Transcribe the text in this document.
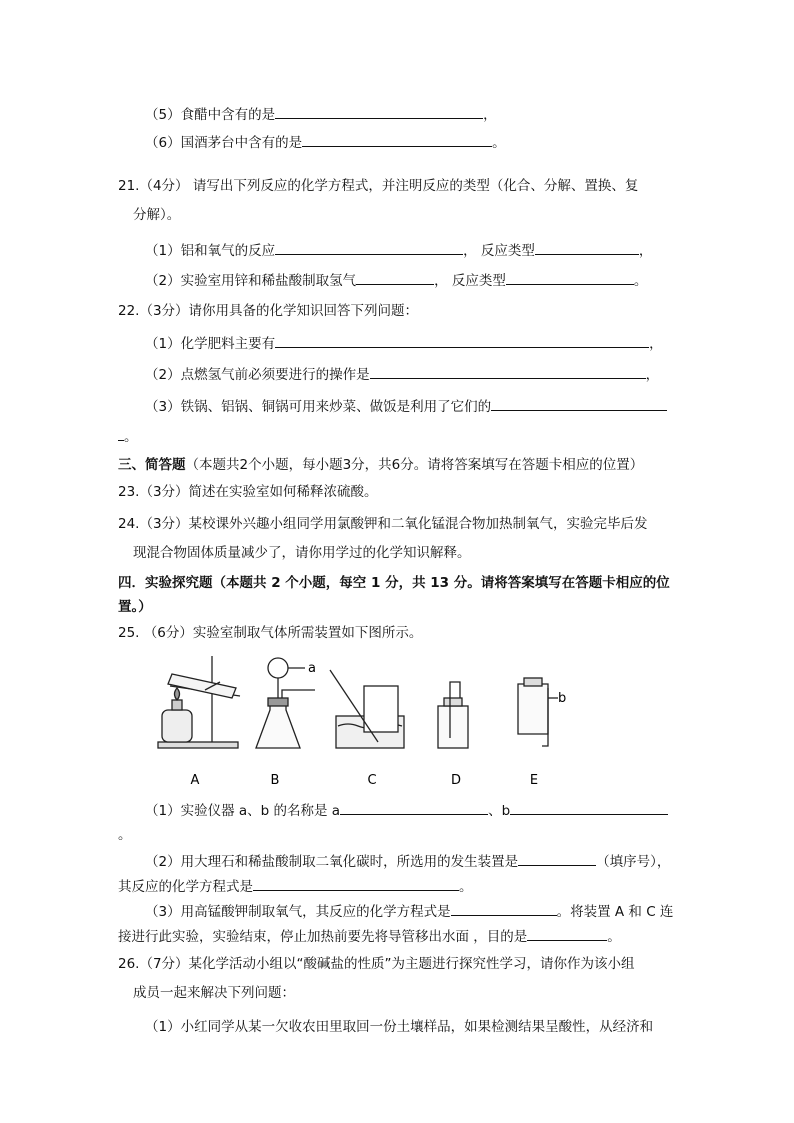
（5）食醋中含有的是	，
（6）国酒茅台中含有的是	。
21.（4分） 请写出下列反应的化学方程式，并注明反应的类型（化合、分解、置换、复
分解）。
（1）铝和氧气的反应	， 反应类型	，
（2）实验室用锌和稀盐酸制取氢气	， 反应类型	。
22.（3分）请你用具备的化学知识回答下列问题：
（1）化学肥料主要有	，
（2）点燃氢气前必须要进行的操作是	，
（3）铁锅、铝锅、铜锅可用来炒菜、做饭是利用了它们的
。
三、简答题（本题共2个小题，每小题3分，共6分。请将答案填写在答题卡相应的位置）
23.（3分）简述在实验室如何稀释浓硫酸。
24.（3分）某校课外兴趣小组同学用氯酸钾和二氧化锰混合物加热制氧气，实验完毕后发
现混合物固体质量减少了，请你用学过的化学知识解释。
四．实验探究题（本题共 2 个小题，每空 1 分，共 13 分。请将答案填写在答题卡相应的位
置。）
25. （6分）实验室制取气体所需装置如下图所示。
a
b
A	B	C	D	E
（1）实验仪器 a、b 的名称是 a	、b
。
（2）用大理石和稀盐酸制取二氧化碳时，所选用的发生装置是	（填序号），
其反应的化学方程式是	。
（3）用高锰酸钾制取氧气，其反应的化学方程式是	。将装置 A 和 C 连
接进行此实验，实验结束，停止加热前要先将导管移出水面 ，目的是	。
26.（7分）某化学活动小组以“酸碱盐的性质”为主题进行探究性学习，请你作为该小组
成员一起来解决下列问题：
（1）小红同学从某一欠收农田里取回一份土壤样品，如果检测结果呈酸性，从经济和
